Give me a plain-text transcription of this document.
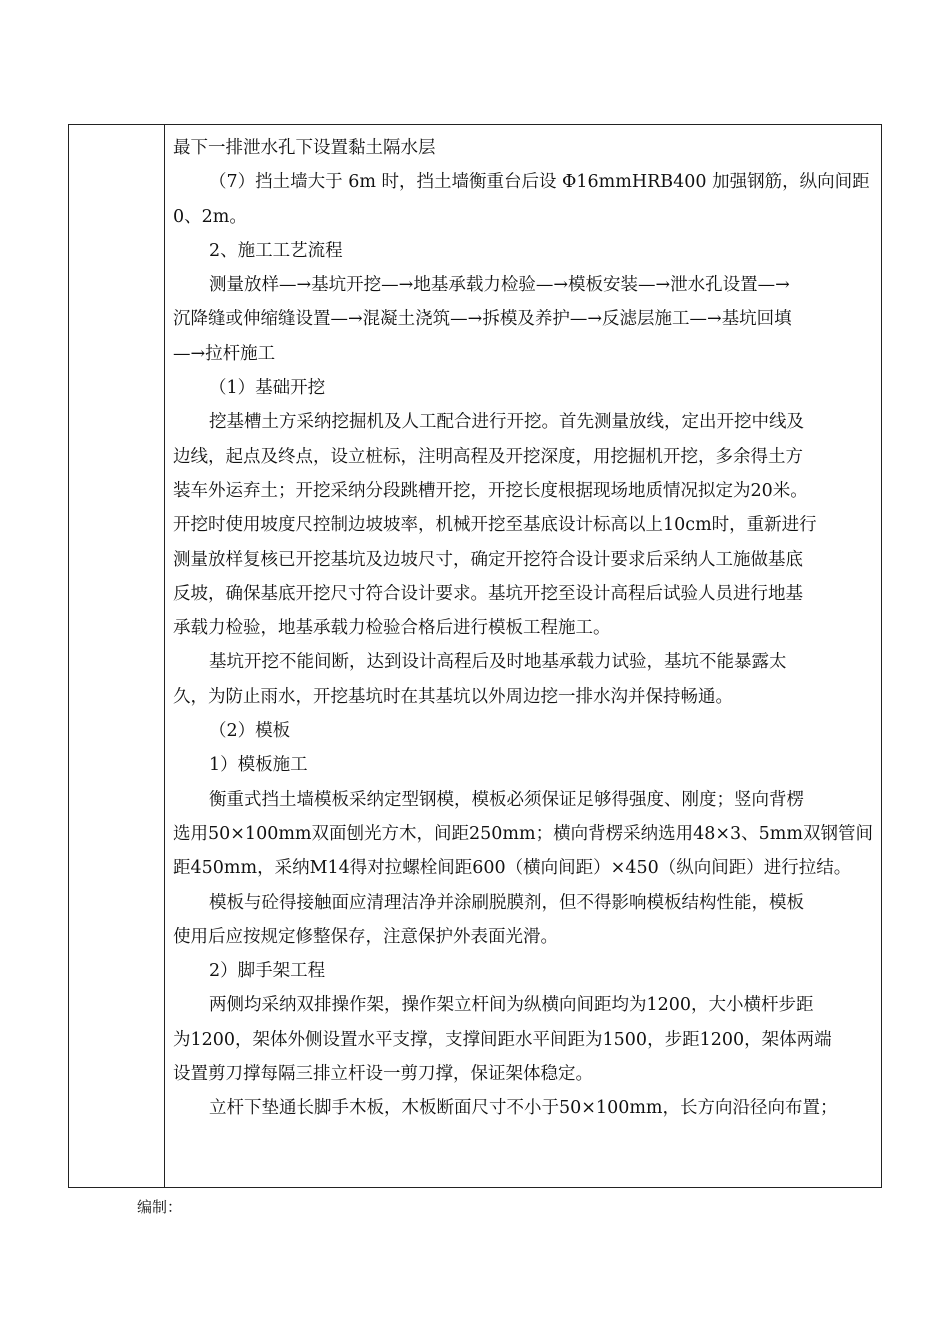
最下一排泄水孔下设置黏土隔水层
（7）挡土墙大于 6m 时，挡土墙衡重台后设 Φ16mmHRB400 加强钢筋，纵向间距
0、2m。
2、施工工艺流程
测量放样—→基坑开挖—→地基承载力检验—→模板安装—→泄水孔设置—→
沉降缝或伸缩缝设置—→混凝土浇筑—→拆模及养护—→反滤层施工—→基坑回填
—→拉杆施工
（1）基础开挖
挖基槽土方采纳挖掘机及人工配合进行开挖。首先测量放线，定出开挖中线及
边线，起点及终点，设立桩标，注明高程及开挖深度，用挖掘机开挖，多余得土方
装车外运弃土；开挖采纳分段跳槽开挖，开挖长度根据现场地质情况拟定为20米。
开挖时使用坡度尺控制边坡坡率，机械开挖至基底设计标高以上10cm时，重新进行
测量放样复核已开挖基坑及边坡尺寸，确定开挖符合设计要求后采纳人工施做基底
反坡，确保基底开挖尺寸符合设计要求。基坑开挖至设计高程后试验人员进行地基
承载力检验，地基承载力检验合格后进行模板工程施工。
基坑开挖不能间断，达到设计高程后及时地基承载力试验，基坑不能暴露太
久，为防止雨水，开挖基坑时在其基坑以外周边挖一排水沟并保持畅通。
（2）模板
1）模板施工
衡重式挡土墙模板采纳定型钢模，模板必须保证足够得强度、刚度；竖向背楞
选用50×100mm双面刨光方木，间距250mm；横向背楞采纳选用48×3、5mm双钢管间
距450mm，采纳M14得对拉螺栓间距600（横向间距）×450（纵向间距）进行拉结。
模板与砼得接触面应清理洁净并涂刷脱膜剂，但不得影响模板结构性能，模板
使用后应按规定修整保存，注意保护外表面光滑。
2）脚手架工程
两侧均采纳双排操作架，操作架立杆间为纵横向间距均为1200，大小横杆步距
为1200，架体外侧设置水平支撑，支撑间距水平间距为1500，步距1200，架体两端
设置剪刀撑每隔三排立杆设一剪刀撑，保证架体稳定。
立杆下垫通长脚手木板，木板断面尺寸不小于50×100mm，长方向沿径向布置；
编制：
